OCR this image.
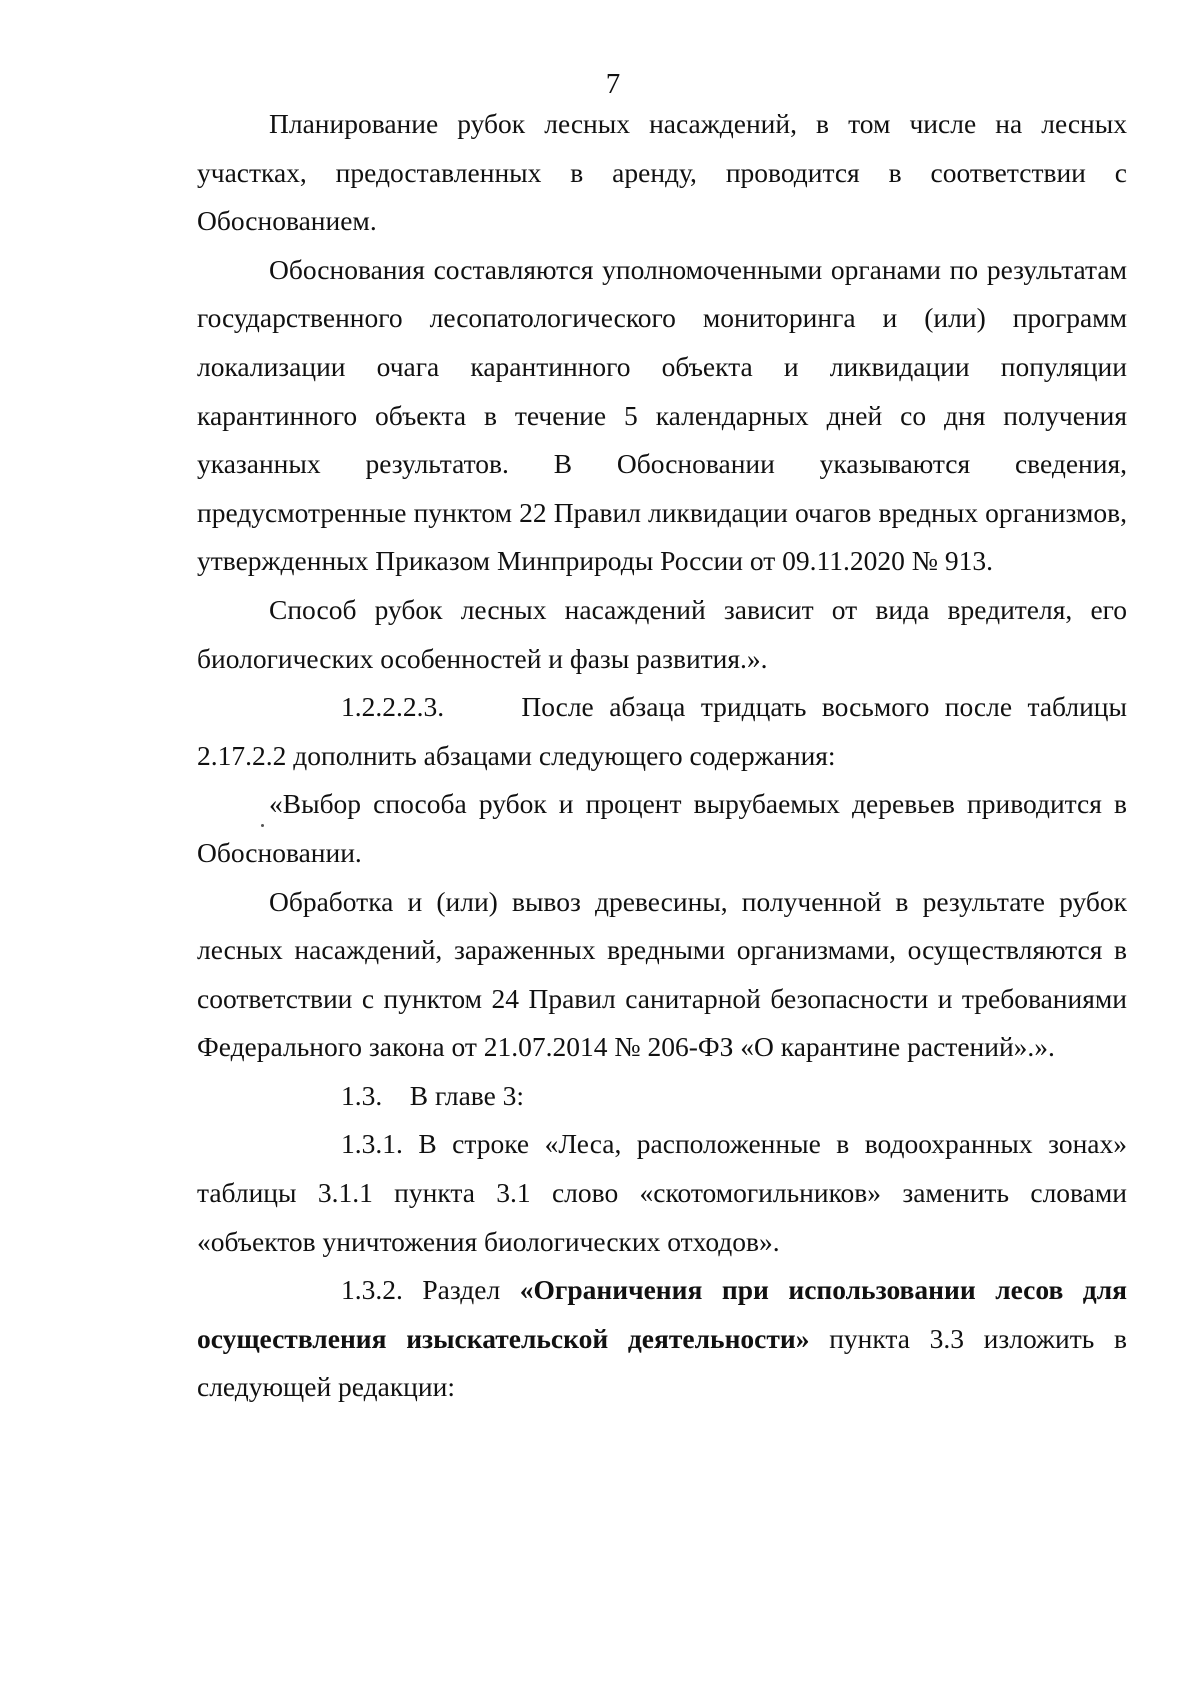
7

Планирование рубок лесных насаждений, в том числе на лесных участках, предоставленных в аренду, проводится в соответствии с Обоснованием.

Обоснования составляются уполномоченными органами по результатам государственного лесопатологического мониторинга и (или) программ локализации очага карантинного объекта и ликвидации популяции карантинного объекта в течение 5 календарных дней со дня получения указанных результатов. В Обосновании указываются сведения, предусмотренные пунктом 22 Правил ликвидации очагов вредных организмов, утвержденных Приказом Минприроды России от 09.11.2020 № 913.

Способ рубок лесных насаждений зависит от вида вредителя, его биологических особенностей и фазы развития.».

1.2.2.2.3.	После абзаца тридцать восьмого после таблицы 2.17.2.2 дополнить абзацами следующего содержания:

«Выбор способа рубок и процент вырубаемых деревьев приводится в Обосновании.

Обработка и (или) вывоз древесины, полученной в результате рубок лесных насаждений, зараженных вредными организмами, осуществляются в соответствии с пунктом 24 Правил санитарной безопасности и требованиями Федерального закона от 21.07.2014 № 206-ФЗ «О карантине растений».».

1.3. В главе 3:

1.3.1. В строке «Леса, расположенные в водоохранных зонах» таблицы 3.1.1 пункта 3.1 слово «скотомогильников» заменить словами «объектов уничтожения биологических отходов».

1.3.2. Раздел «Ограничения при использовании лесов для осуществления изыскательской деятельности» пункта 3.3 изложить в следующей редакции:
